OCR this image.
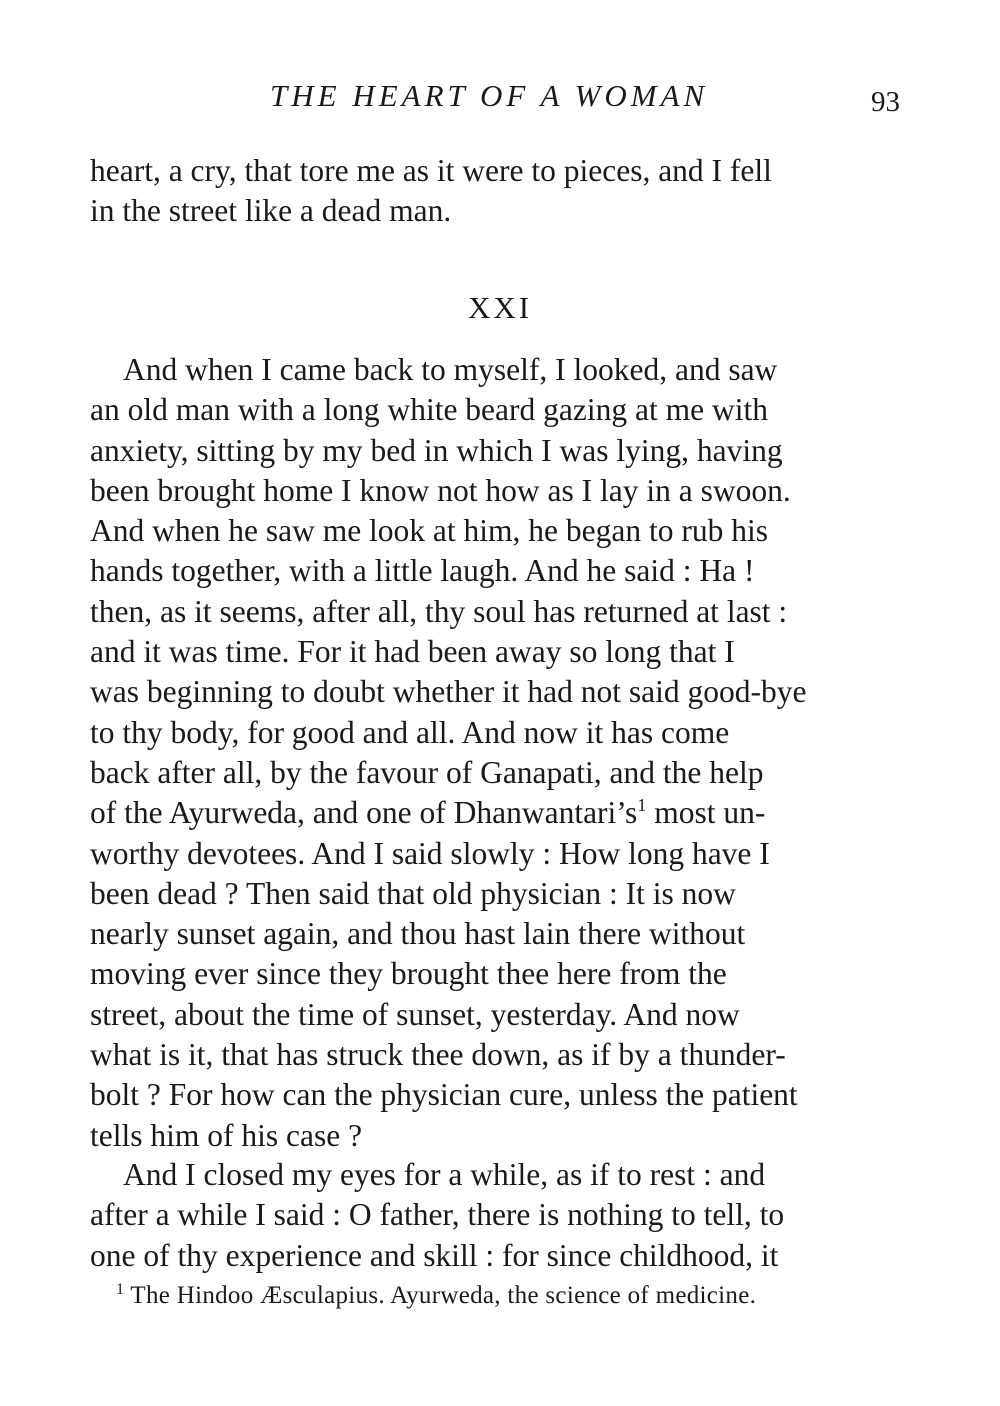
THE HEART OF A WOMAN	93
heart, a cry, that tore me as it were to pieces, and I fell
in the street like a dead man.
XXI
And when I came back to myself, I looked, and saw
an old man with a long white beard gazing at me with
anxiety, sitting by my bed in which I was lying, having
been brought home I know not how as I lay in a swoon.
And when he saw me look at him, he began to rub his
hands together, with a little laugh. And he said : Ha !
then, as it seems, after all, thy soul has returned at last :
and it was time. For it had been away so long that I
was beginning to doubt whether it had not said good-bye
to thy body, for good and all. And now it has come
back after all, by the favour of Ganapati, and the help
of the Ayurweda, and one of $Dhanwantari’s^1$ most un-
worthy devotees. And I said slowly : How long have I
been dead ? Then said that old physician : It is now
nearly sunset again, and thou hast lain there without
moving ever since they brought thee here from the
street, about the time of sunset, yesterday. And now
what is it, that has struck thee down, as if by a thunder-
bolt ? For how can the physician cure, unless the patient
tells him of his case ?
And I closed my eyes for a while, as if to rest : and
after a while I said : O father, there is nothing to tell, to
one of thy experience and skill : for since childhood, it
$^1$ The Hindoo Æsculapius. Ayurweda, the science of medicine.
